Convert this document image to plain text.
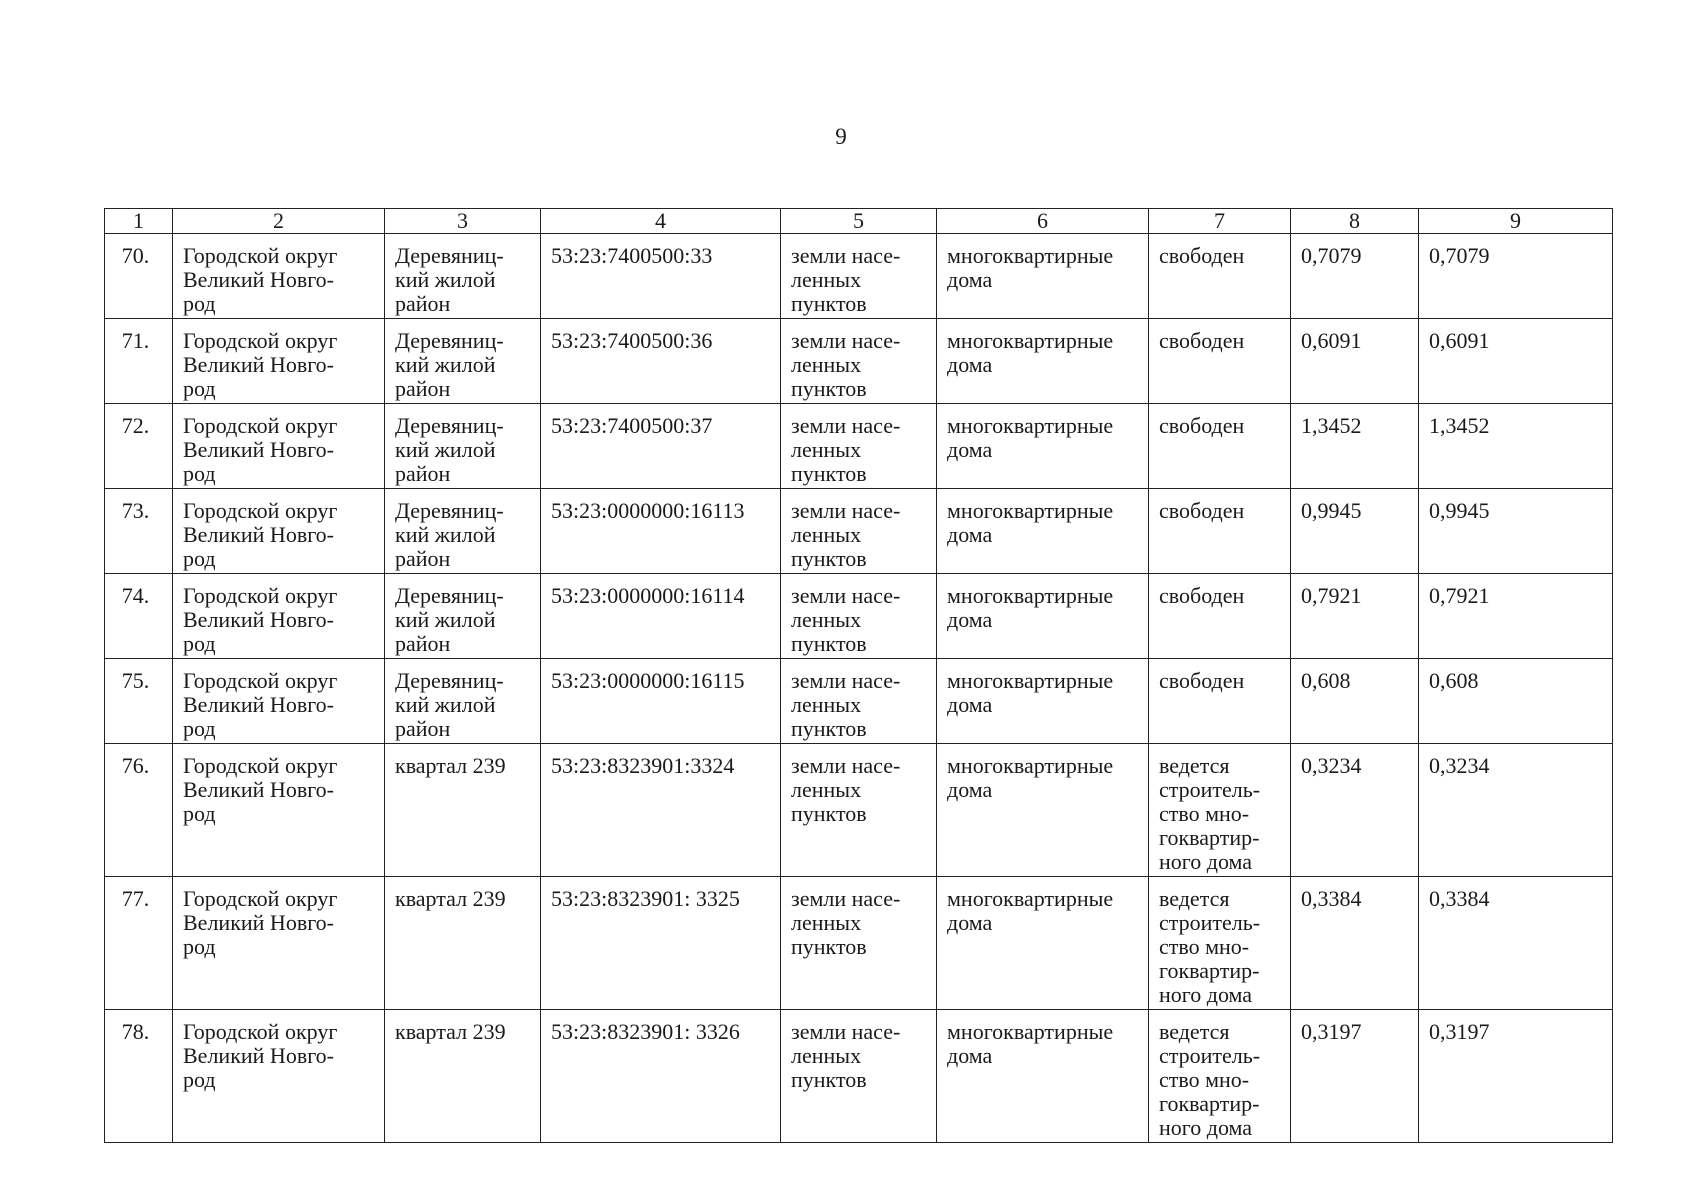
9
1	2	3	4	5	6	7	8	9
70.	Городской округ
Великий Новго-
род	Деревяниц-
кий жилой
район	53:23:7400500:33	земли насе-
ленных
пунктов	многоквартирные
дома	свободен	0,7079	0,7079
71.	Городской округ
Великий Новго-
род	Деревяниц-
кий жилой
район	53:23:7400500:36	земли насе-
ленных
пунктов	многоквартирные
дома	свободен	0,6091	0,6091
72.	Городской округ
Великий Новго-
род	Деревяниц-
кий жилой
район	53:23:7400500:37	земли насе-
ленных
пунктов	многоквартирные
дома	свободен	1,3452	1,3452
73.	Городской округ
Великий Новго-
род	Деревяниц-
кий жилой
район	53:23:0000000:16113	земли насе-
ленных
пунктов	многоквартирные
дома	свободен	0,9945	0,9945
74.	Городской округ
Великий Новго-
род	Деревяниц-
кий жилой
район	53:23:0000000:16114	земли насе-
ленных
пунктов	многоквартирные
дома	свободен	0,7921	0,7921
75.	Городской округ
Великий Новго-
род	Деревяниц-
кий жилой
район	53:23:0000000:16115	земли насе-
ленных
пунктов	многоквартирные
дома	свободен	0,608	0,608
76.	Городской округ
Великий Новго-
род	квартал 239	53:23:8323901:3324	земли насе-
ленных
пунктов	многоквартирные
дома	ведется
строитель-
ство мно-
гоквартир-
ного дома	0,3234	0,3234
77.	Городской округ
Великий Новго-
род	квартал 239	53:23:8323901: 3325	земли насе-
ленных
пунктов	многоквартирные
дома	ведется
строитель-
ство мно-
гоквартир-
ного дома	0,3384	0,3384
78.	Городской округ
Великий Новго-
род	квартал 239	53:23:8323901: 3326	земли насе-
ленных
пунктов	многоквартирные
дома	ведется
строитель-
ство мно-
гоквартир-
ного дома	0,3197	0,3197
